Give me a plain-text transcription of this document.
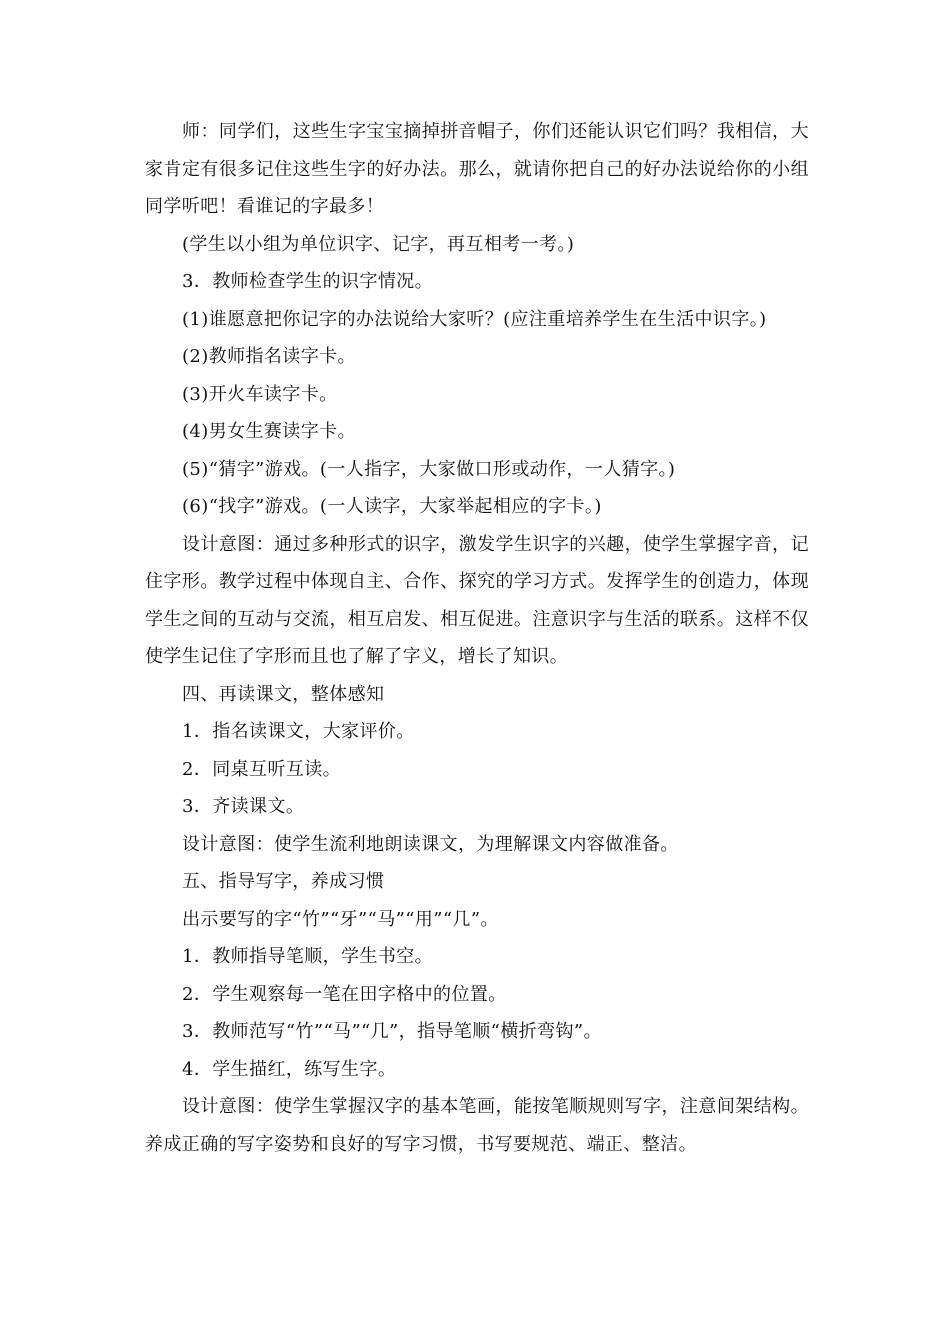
师：同学们，这些生字宝宝摘掉拼音帽子，你们还能认识它们吗？我相信，大家肯定有很多记住这些生字的好办法。那么，就请你把自己的好办法说给你的小组同学听吧！看谁记的字最多！

(学生以小组为单位识字、记字，再互相考一考。)

3．教师检查学生的识字情况。

(1)谁愿意把你记字的办法说给大家听？(应注重培养学生在生活中识字。)

(2)教师指名读字卡。

(3)开火车读字卡。

(4)男女生赛读字卡。

(5)“猜字”游戏。(一人指字，大家做口形或动作，一人猜字。)

(6)“找字”游戏。(一人读字，大家举起相应的字卡。)

设计意图：通过多种形式的识字，激发学生识字的兴趣，使学生掌握字音，记住字形。教学过程中体现自主、合作、探究的学习方式。发挥学生的创造力，体现学生之间的互动与交流，相互启发、相互促进。注意识字与生活的联系。这样不仅使学生记住了字形而且也了解了字义，增长了知识。

四、再读课文，整体感知

1．指名读课文，大家评价。

2．同桌互听互读。

3．齐读课文。

设计意图：使学生流利地朗读课文，为理解课文内容做准备。

五、指导写字，养成习惯

出示要写的字“竹”“牙”“马”“用”“几”。

1．教师指导笔顺，学生书空。

2．学生观察每一笔在田字格中的位置。

3．教师范写“竹”“马”“几”，指导笔顺“横折弯钩”。

4．学生描红，练写生字。

设计意图：使学生掌握汉字的基本笔画，能按笔顺规则写字，注意间架结构。养成正确的写字姿势和良好的写字习惯，书写要规范、端正、整洁。
